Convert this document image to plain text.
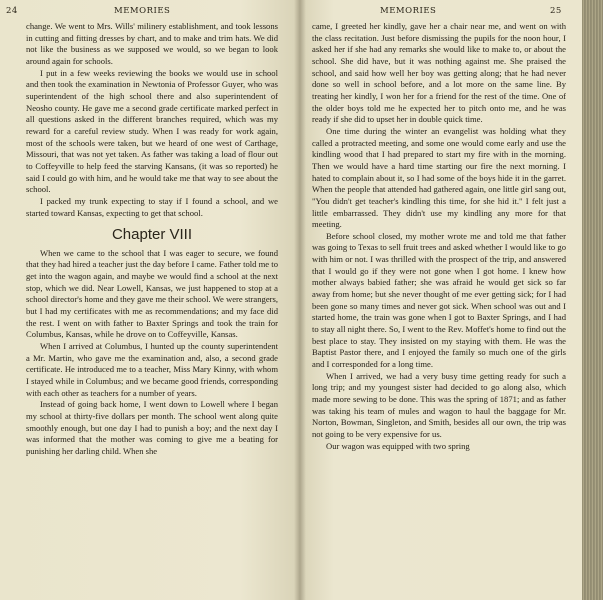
24	MEMORIES

change. We went to Mrs. Wills' milinery establishment, and took lessons in cutting and fitting dresses by chart, and to make and trim hats. We did not like the business as we supposed we would, so we began to look around again for schools.

I put in a few weeks reviewing the books we would use in school and then took the examination in Newtonia of Professor Guyer, who was superintendent of the high school there and also superintendent of Neosho county. He gave me a second grade certificate marked perfect in all questions asked in the different branches required, which was my reward for a careful review study. When I was ready for work again, most of the schools were taken, but we heard of one west of Carthage, Missouri, that was not yet taken. As father was taking a load of flour out to Coffeyville to help feed the starving Kansans, (it was so reported) he said I could go with him, and he would take me that way to see about the school.

I packed my trunk expecting to stay if I found a school, and we started toward Kansas, expecting to get that school.

Chapter VIII

When we came to the school that I was eager to secure, we found that they had hired a teacher just the day before I came. Father told me to get into the wagon again, and maybe we would find a school at the next stop, which we did. Near Lowell, Kansas, we just happened to stop at a school director's home and they gave me their school. We were strangers, but I had my certificates with me as recommendations; and my face did the rest. I went on with father to Baxter Springs and took the train for Columbus, Kansas, while he drove on to Coffeyville, Kansas.

When I arrived at Columbus, I hunted up the county superintendent a Mr. Martin, who gave me the examination and, also, a second grade certificate. He introduced me to a teacher, Miss Mary Kinny, with whom I stayed while in Columbus; and we became good friends, corresponding with each other as teachers for a number of years.

Instead of going back home, I went down to Lowell where I began my school at thirty-five dollars per month. The school went along quite smoothly enough, but one day I had to punish a boy; and the next day I was informed that the mother was coming to give me a beating for punishing her darling child. When she

MEMORIES	25

came, I greeted her kindly, gave her a chair near me, and went on with the class recitation. Just before dismissing the pupils for the noon hour, I asked her if she had any remarks she would like to make to, or about the school. She did have, but it was nothing against me. She praised the school, and said how well her boy was getting along; that he had never done so well in school before, and a lot more on the same line. By treating her kindly, I won her for a friend for the rest of the time. One of the older boys told me he expected her to pitch onto me, and he was ready if she did to upset her in double quick time.

One time during the winter an evangelist was holding what they called a protracted meeting, and some one would come early and use the kindling wood that I had prepared to start my fire with in the morning. Then we would have a hard time starting our fire the next morning. I hated to complain about it, so I had some of the boys hide it in the garret. When the people that attended had gathered again, one little girl sang out, "You didn't get teacher's kindling this time, for she hid it." I felt just a little embarrassed. They didn't use my kindling any more for that meeting.

Before school closed, my mother wrote me and told me that father was going to Texas to sell fruit trees and asked whether I would like to go with him or not. I was thrilled with the prospect of the trip, and answered that I would go if they were not gone when I got home. I knew how mother always babied father; she was afraid he would get sick so far away from home; but she never thought of me ever getting sick; for I had been gone so many times and never got sick. When school was out and I started home, the train was gone when I got to Baxter Springs, and I had to stay all night there. So, I went to the Rev. Moffet's home to find out the best place to stay. They insisted on my staying with them. He was the Baptist Pastor there, and I enjoyed the family so much one of the girls and I corresponded for a long time.

When I arrived, we had a very busy time getting ready for such a long trip; and my youngest sister had decided to go along also, which made more sewing to be done. This was the spring of 1871; and as father was taking his team of mules and wagon to haul the baggage for Mr. Norton, Bowman, Singleton, and Smith, besides all our own, the trip was not going to be very expensive for us.

Our wagon was equipped with two spring
